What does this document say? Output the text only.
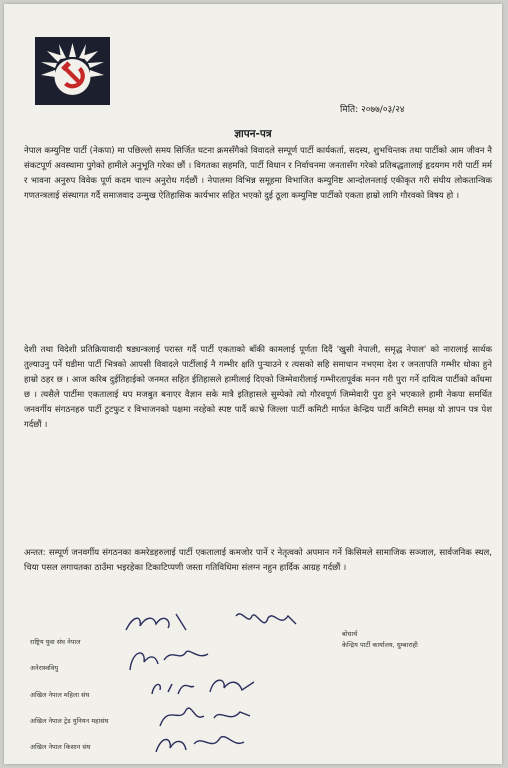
मिति: २०७७/०३/२४
ज्ञापन-पत्र

नेपाल कम्युनिष्ट पार्टी (नेकपा) मा पछिल्लो समय सिर्जित घटना क्रमसँगैको विवादले सम्पूर्ण पार्टी कार्यकर्ता, सदस्य, शुभचिन्तक तथा पार्टीको आम जीवन नै संकटपूर्ण अवस्थामा पुगेको हामीले अनुभूति गरेका छौं । विगतका सहमति, पार्टी विधान र निर्वाचनमा जनतासँग गरेको प्रतिबद्धतालाई हृदयगम गरी पार्टी मर्म र भावना अनुरुप विवेक पूर्ण कदम चाल्न अनुरोध गर्दछौं । नेपालमा विभिन्न समूहमा विभाजित कम्युनिष्ट आन्दोलनलाई एकीकृत गरी संघीय लोकतान्त्रिक गणतन्त्रलाई संस्थागत गर्दै समाजवाद उन्मुख ऐतिहासिक कार्यभार सहित भएको दुई ठूला कम्युनिष्ट पार्टीको एकता हाम्रो लागि गौरवको विषय हो ।

देशी तथा विदेशी प्रतिक्रियावादी षड्यन्त्रलाई परास्त गर्दै पार्टी एकताको बाँकी कामलाई पूर्णता दिदैं 'खुसी नेपाली, समृद्ध नेपाल' को नारालाई सार्थक तुल्याउनु पर्ने घडीमा पार्टी भित्रको आपसी विवादले पार्टीलाई नै गम्भीर क्षति पुऱ्याउने र त्यसको सहि समाधान नभएमा देश र जनतापति गम्भीर धोका हुने हाम्रो ठहर छ । आज करिब दुईतिहाईको जनमत सहित ईतिहासले हामीलाई दिएको जिम्मेवारीलाई गम्भीरतापूर्वक मनन गरी पुरा गर्ने दायित्व पार्टीको काँधमा छ । त्यसैले पार्टीमा एकतालाई थप मजबुत बनाएर वैज्ञान सके मात्रै इतिहासले सुम्पेको त्यो गौरवपूर्ण जिम्मेवारी पुरा हुने भएकाले हामी नेकपा समर्थित जनवर्गीय संगठनहरु पार्टी टुटफुट र विभाजनको पक्षमा नरहेको स्पष्ट पार्दै काभ्रे जिल्ला पार्टी कमिटी मार्फत केन्द्रिय पार्टी कमिटी समक्ष यो ज्ञापन पत्र पेश गर्दछौं ।

अन्तत: सम्पूर्ण जनवर्गीय संगठनका कमरेडहरुलाई पार्टी एकतालाई कमजोर पार्ने र नेतृत्वको अपमान गर्ने किसिमले सामाजिक सञ्जाल, सार्वजनिक स्थल, चिया पसल लगायतका ठाउँमा भइरहेका टिकाटिप्पणी जस्ता गतिविधिमा संलग्न नहुन हार्दिक आग्रह गर्दछौं ।

राष्ट्रिय युवा संघ नेपाल
अनेरास्ववियु
अखिल नेपाल महिला संघ
अखिल नेपाल ट्रेड युनियन महासंघ
अखिल नेपाल किसान संघ
बोधार्थ
केन्द्रिय पार्टी कार्यालय, धुम्बाराही
